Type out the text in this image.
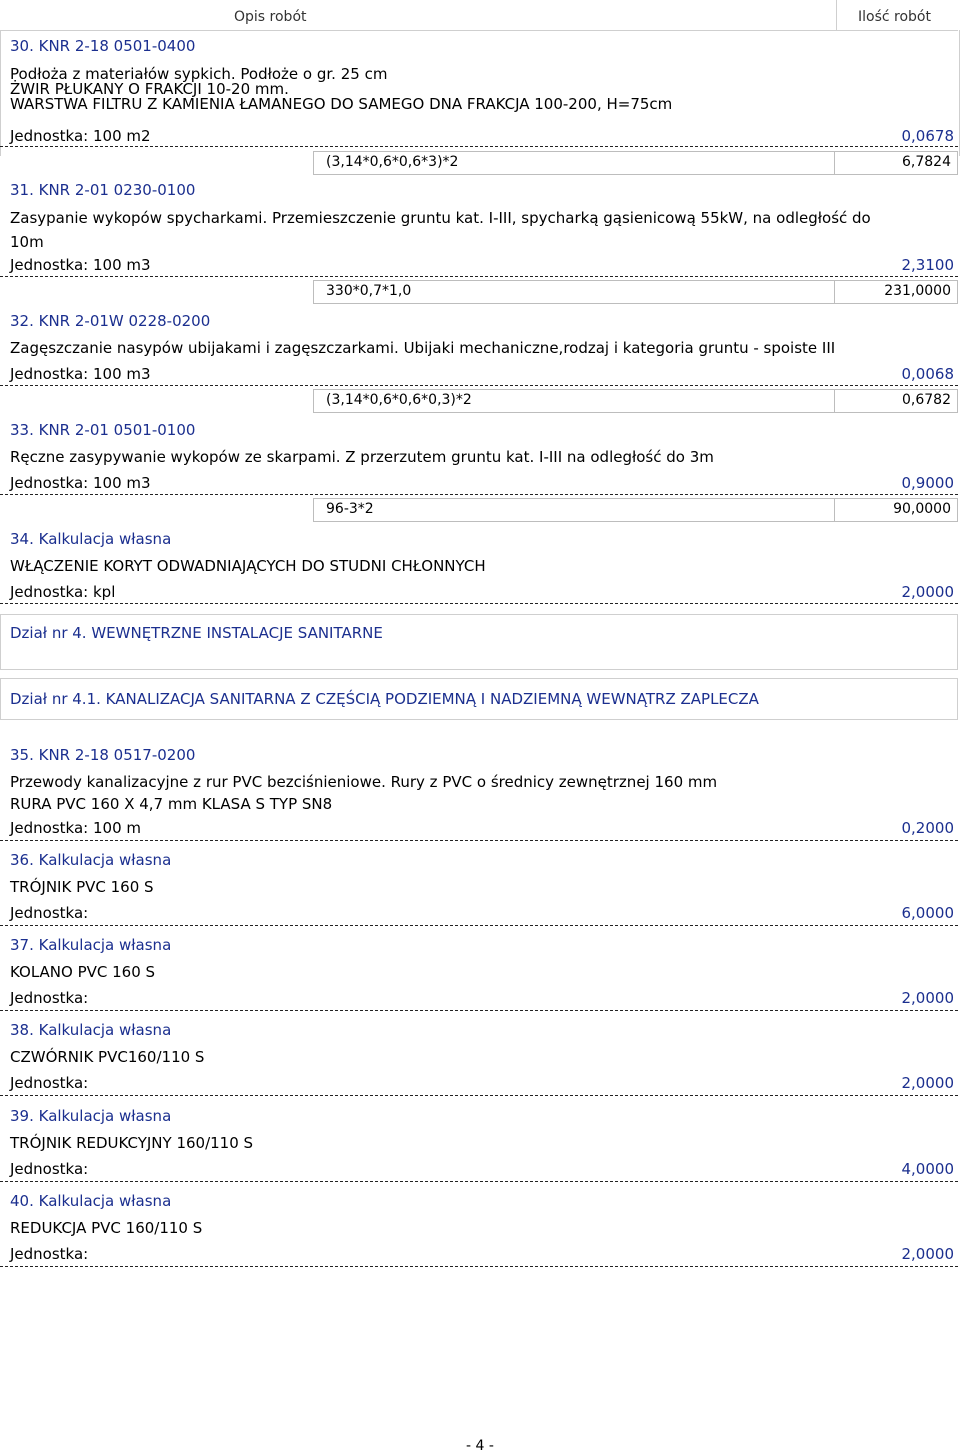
Opis robót	Ilość robót
30. KNR 2-18 0501-0400
Podłoża z materiałów sypkich. Podłoże o gr. 25 cm
ŻWIR PŁUKANY O FRAKCJI 10-20 mm.
WARSTWA FILTRU Z KAMIENIA ŁAMANEGO DO SAMEGO DNA FRAKCJA 100-200, H=75cm
Jednostka: 100 m2	0,0678
(3,14*0,6*0,6*3)*2	6,7824
31. KNR 2-01 0230-0100
Zasypanie wykopów spycharkami. Przemieszczenie gruntu kat. I-III, spycharką gąsienicową 55kW, na odległość do
10m
Jednostka: 100 m3	2,3100
330*0,7*1,0	231,0000
32. KNR 2-01W 0228-0200
Zagęszczanie nasypów ubijakami i zagęszczarkami. Ubijaki mechaniczne,rodzaj i kategoria gruntu - spoiste III
Jednostka: 100 m3	0,0068
(3,14*0,6*0,6*0,3)*2	0,6782
33. KNR 2-01 0501-0100
Ręczne zasypywanie wykopów ze skarpami. Z przerzutem gruntu kat. I-III na odległość do 3m
Jednostka: 100 m3	0,9000
96-3*2	90,0000
34. Kalkulacja własna
WŁĄCZENIE KORYT ODWADNIAJĄCYCH DO STUDNI CHŁONNYCH
Jednostka: kpl	2,0000
Dział nr 4. WEWNĘTRZNE INSTALACJE SANITARNE
Dział nr 4.1. KANALIZACJA SANITARNA Z CZĘŚCIĄ PODZIEMNĄ I NADZIEMNĄ WEWNĄTRZ ZAPLECZA
35. KNR 2-18 0517-0200
Przewody kanalizacyjne z rur PVC bezciśnieniowe. Rury z PVC o średnicy zewnętrznej 160 mm
RURA PVC 160 X 4,7 mm KLASA S TYP SN8
Jednostka: 100 m	0,2000
36. Kalkulacja własna
TRÓJNIK PVC 160 S
Jednostka:	6,0000
37. Kalkulacja własna
KOLANO PVC 160 S
Jednostka:	2,0000
38. Kalkulacja własna
CZWÓRNIK PVC160/110 S
Jednostka:	2,0000
39. Kalkulacja własna
TRÓJNIK REDUKCYJNY 160/110 S
Jednostka:	4,0000
40. Kalkulacja własna
REDUKCJA PVC 160/110 S
Jednostka:	2,0000
- 4 -
